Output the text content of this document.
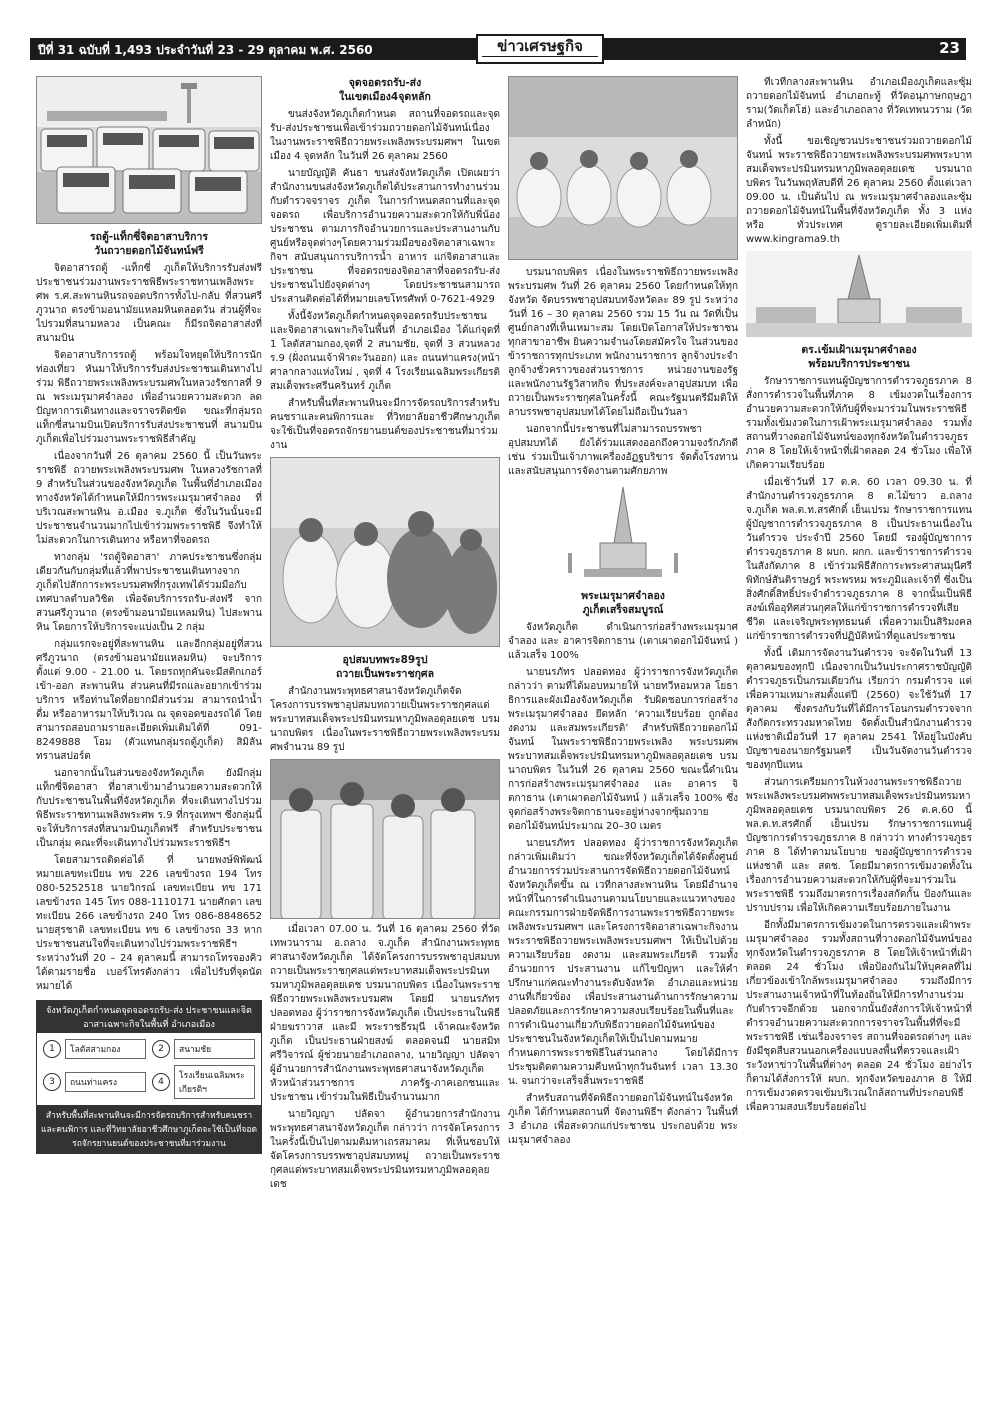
ปีที่ 31 ฉบับที่ 1,493 ประจำวันที่ 23 - 29 ตุลาคม พ.ศ. 2560	ข่าวเศรษฐกิจ	23
รถตู้-แท็กซี่จิตอาสาบริการ
วันถวายดอกไม้จันทน์ฟรี

จิตอาสารถตู้ -แท็กซี่ ภูเก็ตให้บริการรับส่งฟรี ประชาชนร่วมงานพระราชพิธีพระราชทานเพลิงพระศพ ร.ศ.สะพานหินรถจอดบริการทั้งไป-กลับ ที่สวนศรีภูวนาถ ตรงข้ามอนามัยแหลมหินตลอดวัน ส่วนผู้ที่จะไปรวมที่สนามหลวง เป็นคณะ ก็มีรถจิตอาสาส่งที่สนามบิน

จิตอาสาบริการรถตู้ พร้อมใจหยุดให้บริการนักท่องเที่ยว หันมาให้บริการรับส่งประชาชนเดินทางไปร่วม พิธีถวายพระเพลิงพระบรมศพในหลวงรัชกาลที่ 9 ณ พระเมรุมาศจำลอง เพื่ออำนวยความสะดวก ลดปัญหาการเดินทางและจราจรติดขัด ขณะที่กลุ่มรถแท็กซี่สนามบินเปิดบริการรับส่งประชาชนที่ สนามบินภูเก็ตเพื่อไปร่วมงานพระราชพิธีสำคัญ

เนื่องจากวันที่ 26 ตุลาคม 2560 นี้ เป็นวันพระราชพิธี ถวายพระเพลิงพระบรมศพ ในหลวงรัชกาลที่ 9 สำหรับในส่วนของจังหวัดภูเก็ต ในพื้นที่อำเภอเมือง ทางจังหวัดได้กำหนดให้มีการพระเมรุมาศจำลอง ที่บริเวณสะพานหิน อ.เมือง จ.ภูเก็ต ซึ่งในวันนั้นจะมีประชาชนจำนวนมากไปเข้าร่วมพระราชพิธี จึงทำให้ไม่สะดวกในการเดินทาง หรือหาที่จอดรถ

ทางกลุ่ม 'รถตู้จิตอาสา' ภาคประชาชนซึ่งกลุ่มเดียวกันกับกลุ่มที่แล้วที่พาประชาชนเดินทางจากภูเก็ตไปสักการะพระบรมศพที่กรุงเทพได้ร่วมมือกับเทศบาลตำบลวิชิต เพื่อจัดบริการรถรับ-ส่งฟรี จากสวนศรีภูวนาถ (ตรงข้ามอนามัยแหลมหิน) ไปสะพานหิน โดยการให้บริการจะแบ่งเป็น 2 กลุ่ม

กลุ่มแรกจะอยู่ที่สะพานหิน และอีกกลุ่มอยู่ที่สวนศรีภูวนาถ (ตรงข้ามอนามัยแหลมหิน) จะบริการตั้งแต่ 9.00 - 21.00 น. โดยรถทุกคันจะมีสติกเกอร์ เข้า-ออก สะพานหิน ส่วนคนที่มีรถและอยากเข้าร่วมบริการ หรือท่านใดที่อยากมีส่วนร่วม สามารถนำน้ำดื่ม หรืออาหารมาให้บริเวณ ณ จุดจอดของรถได้ โดยสามารถสอบถามรายละเอียดเพิ่มเติมได้ที่ 091-8249888 โอม (ตัวแทนกลุ่มรถตู้ภูเก็ต) สิมิลัน ทรานสปอร์ต

นอกจากนั้นในส่วนของจังหวัดภูเก็ต ยังมีกลุ่ม แท็กซี่จิตอาสา ที่อาสาเข้ามาอำนวยความสะดวกให้กับประชาชนในพื้นที่จังหวัดภูเก็ต ที่จะเดินทางไปร่วมพิธีพระราชทานเพลิงพระศพ ร.9 ที่กรุงเทพฯ ซึ่งกลุ่มนี้จะให้บริการส่งที่สนามบินภูเก็ตฟรี สำหรับประชาชนเป็นกลุ่ม คณะที่จะเดินทางไปร่วมพระราชพิธีฯ

โดยสามารถติดต่อได้ ที่ นายพงษ์พิพัฒน์ หมายเลขทะเบียน ทข 226 เลขข้างรถ 194 โทร 080-5252518 นายวิกรณ์ เลขทะเบียน ทข 171 เลขข้างรถ 145 โทร 088-1110171 นายศักดา เลขทะเบียน 266 เลขข้างรถ 240 โทร 086-8848652 นายสุรชาติ เลขทะเบียน ทข 6 เลขข้างรถ 33 หากประชาชนสนใจที่จะเดินทางไปร่วมพระราชพิธีฯ ระหว่างวันที่ 20 – 24 ตุลาคมนี้ สามารถโทรจองคิว ได้ตามรายชื่อ เบอร์โทรดังกล่าว เพื่อไปรับที่จุดนัดหมายได้

จังหวัดภูเก็ตกำหนดจุดจอดรถรับ-ส่ง ประชาชนและจิตอาสาเฉพาะกิจในพื้นที่ อำเภอเมือง
1	โลตัสสามกอง	2	สนามชัย
3	ถนนท่าแครง	4
โรงเรียนเฉลิมพระเกียรติฯ
สำหรับพื้นที่สะพานหินจะมีการจัดรถบริการสำหรับคนชราและคนพิการ และที่วิทยาลัยอาชีวศึกษาภูเก็ตจะใช้เป็นที่จอดรถจักรยานยนต์ของประชาชนที่มาร่วมงาน
จุดจอดรถรับ-ส่ง
ในเขตเมือง4จุดหลัก

ขนส่งจังหวัดภูเก็ตกำหนด สถานที่จอดรถและจุดรับ-ส่งประชาชนเพื่อเข้าร่วมถวายดอกไม้จันทน์เนื่องในงานพระราชพิธีถวายพระเพลิงพระบรมศพฯ ในเขตเมือง 4 จุดหลัก ในวันที่ 26 ตุลาคม 2560

นายบัญญัติ คันธา ขนส่งจังหวัดภูเก็ต เปิดเผยว่า สำนักงานขนส่งจังหวัดภูเก็ตได้ประสานการทำงานร่วมกับตำรวจจราจร ภูเก็ต ในการกำหนดสถานที่และจุดจอดรถ เพื่อบริการอำนวยความสะดวกให้กับพี่น้องประชาชน ตามภารกิจอำนวยการและประสานงานกับศูนย์หรือจุดต่างๆโดยความร่วมมือของจิตอาสาเฉพาะกิจฯ สนับสนุนการบริการน้ำ อาหาร แก่จิตอาสาและประชาชน ที่จอดรถของจิตอาสาที่จอดรถรับ-ส่งประชาชนไปยังจุดต่างๆ โดยประชาชนสามารถประสานติดต่อได้ที่หมายเลขโทรศัพท์ 0-7621-4929

ทั้งนี้จังหวัดภูเก็ตกำหนดจุดจอดรถรับประชาชนและจิตอาสาเฉพาะกิจในพื้นที่ อำเภอเมือง ได้แก่จุดที่ 1 โลตัสสามกอง,จุดที่ 2 สนามชัย, จุดที่ 3 สวนหลวง ร.9 (ฝั่งถนนเจ้าฟ้าตะวันออก) และ ถนนท่าแครง(หน้าศาลากลางแห่งใหม่ , จุดที่ 4 โรงเรียนเฉลิมพระเกียรติสมเด็จพระศรีนครินทร์ ภูเก็ต

สำหรับพื้นที่สะพานหินจะมีการจัดรถบริการสำหรับคนชราและคนพิการและ ที่วิทยาลัยอาชีวศึกษาภูเก็ตจะใช้เป็นที่จอดรถจักรยานยนต์ของประชาชนที่มาร่วมงาน

อุปสมบทพระ89รูป
ถวายเป็นพระราชกุศล

สำนักงานพระพุทธศาสนาจังหวัดภูเก็ตจัดโครงการบรรพชาอุปสมบทถวายเป็นพระราชกุศลแด่พระบาทสมเด็จพระปรมินทรมหาภูมิพลอดุลยเดช บรมนาถบพิตร เนื่องในพระราชพิธีถวายพระเพลิงพระบรมศพจำนวน 89 รูป

เมื่อเวลา 07.00 น. วันที่ 16 ตุลาคม 2560 ที่วัดเทพวนาราม อ.ถลาง จ.ภูเก็ต สำนักงานพระพุทธศาสนาจังหวัดภูเก็ต ได้จัดโครงการบรรพชาอุปสมบทถวายเป็นพระราชกุศลแด่พระบาทสมเด็จพระปรมินทรมหาภูมิพลอดุลยเดช บรมนาถบพิตร เนื่องในพระราชพิธีถวายพระเพลิงพระบรมศพ โดยมี นายนรภัทร ปลอดทอง ผู้ว่าราชการจังหวัดภูเก็ต เป็นประธานในพิธีฝ่ายฆราวาส และมี พระราชธีรมุนี เจ้าคณะจังหวัดภูเก็ต เป็นประธานฝ่ายสงฆ์ ตลอดจนมี นายสมิท ศรีวิจารณ์ ผู้ช่วยนายอำเภอถลาง, นายวิญญา ปลัดจา ผู้อำนวยการสำนักงานพระพุทธศาสนาจังหวัดภูเก็ต หัวหน้าส่วนราชการ ภาครัฐ-ภาคเอกชนและประชาชน เข้าร่วมในพิธีเป็นจำนวนมาก

นายวิญญา ปลัดจา ผู้อำนวยการสำนักงานพระพุทธศาสนาจังหวัดภูเก็ต กล่าวว่า การจัดโครงการในครั้งนี้เป็นไปตามมติมหาเถรสมาคม ที่เห็นชอบให้จัดโครงการบรรพชาอุปสมบทหมู่ ถวายเป็นพระราชกุศลแด่พระบาทสมเด็จพระปรมินทรมหาภูมิพลอดุลยเดช

บรมนาถบพิตร เนื่องในพระราชพิธีถวายพระเพลิงพระบรมศพ วันที่ 26 ตุลาคม 2560 โดยกำหนดให้ทุกจังหวัด จัดบรรพชาอุปสมบทจังหวัดละ 89 รูป ระหว่างวันที่ 16 – 30 ตุลาคม 2560 รวม 15 วัน ณ วัดที่เป็นศูนย์กลางที่เห็นเหมาะสม โดยเปิดโอกาสให้ประชาชนทุกสาขาอาชีพ ยินความจำนงโดยสมัครใจ ในส่วนของข้าราชการทุกประเภท พนักงานราชการ ลูกจ้างประจำ ลูกจ้างชั่วคราวของส่วนราชการ หน่วยงานของรัฐ และพนักงานรัฐวิสาหกิจ ที่ประสงค์จะลาอุปสมบท เพื่อถวายเป็นพระราชกุศลในครั้งนี้ คณะรัฐมนตรีมีมติให้ลาบรรพชาอุปสมบทได้โดยไม่ถือเป็นวันลา

นอกจากนี้ประชาชนที่ไม่สามารถบรรพชาอุปสมบทได้ ยังได้ร่วมแสดงออกถึงความจงรักภักดี เช่น ร่วมเป็นเจ้าภาพเครื่องอัฏฐบริขาร จัดตั้งโรงทาน และสนับสนุนการจัดงานตามศักยภาพ

พระเมรุมาศจำลอง
ภูเก็ตเสร็จสมบูรณ์

จังหวัดภูเก็ต ดำเนินการก่อสร้างพระเมรุมาศจำลอง และ อาคารจิตกาธาน (เตาเผาดอกไม้จันทน์ ) แล้วเสร็จ 100%

นายนรภัทร ปลอดทอง ผู้ว่าราชการจังหวัดภูเก็ต กล่าวว่า ตามที่ได้มอบหมายให้ นายทวีหอมหวล โยธาธิการและผังเมืองจังหวัดภูเก็ต รับผิดชอบการก่อสร้างพระเมรุมาศจำลอง ยึดหลัก ‘ความเรียบร้อย ถูกต้อง งดงาม และสมพระเกียรติ’ สำหรับพิธีถวายดอกไม้จันทน์ ในพระราชพิธีถวายพระเพลิง พระบรมศพ พระบาทสมเด็จพระปรมินทรมหาภูมิพลอดุลยเดช บรมนาถบพิตร ในวันที่ 26 ตุลาคม 2560 ขณะนี้ดำเนินการก่อสร้างพระเมรุมาศจำลอง และ อาคาร จิตกาธาน (เตาเผาดอกไม้จันทน์ ) แล้วเสร็จ 100% ซึ่งจุดก่อสร้างพระจิตกาธานจะอยู่ห่างจากซุ้มถวายดอกไม้จันทน์ประมาณ 20–30 เมตร

นายนรภัทร ปลอดทอง ผู้ว่าราชการจังหวัดภูเก็ต กล่าวเพิ่มเติมว่า ขณะที่จังหวัดภูเก็ตได้จัดตั้งศูนย์อำนวยการร่วมประสานการจัดพิธีถวายดอกไม้จันทน์จังหวัดภูเก็ตขึ้น ณ เวทีกลางสะพานหิน โดยมีอำนาจหน้าที่ในการดำเนินงานตามนโยบายและแนวทางของคณะกรรมการฝ่ายจัดพิธีการงานพระราชพิธีถวายพระเพลิงพระบรมศพฯ และโครงการจิตอาสาเฉพาะกิจงานพระราชพิธีถวายพระเพลิงพระบรมศพฯ ให้เป็นไปด้วยความเรียบร้อย งดงาม และสมพระเกียรติ รวมทั้งอำนวยการ ประสานงาน แก้ไขปัญหา และให้คำปรึกษาแก่คณะทำงานระดับจังหวัด อำเภอและหน่วยงานที่เกี่ยวข้อง เพื่อประสานงานด้านการรักษาความปลอดภัยและการรักษาความสงบเรียบร้อยในพื้นที่และการดำเนินงานเกี่ยวกับพิธีถวายดอกไม้จันทน์ของประชาชนในจังหวัดภูเก็ตให้เป็นไปตามหมายกำหนดการพระราชพิธีในส่วนกลาง โดยได้มีการประชุมติดตามความคืบหน้าทุกวันจันทร์ เวลา 13.30 น. จนกว่าจะเสร็จสิ้นพระราชพิธี

สำหรับสถานที่จัดพิธีถวายดอกไม้จันทน์ในจังหวัดภูเก็ต ได้กำหนดสถานที่ จัดงานพิธีฯ ดังกล่าว ในพื้นที่ 3 อำเภอ เพื่อสะดวกแก่ประชาชน ประกอบด้วย พระเมรุมาศจำลอง

ที่เวทีกลางสะพานหิน อำเภอเมืองภูเก็ตและซุ้มถวายดอกไม้จันทน์ อำเภอกะทู้ ที่วัดอนุภาษกฤษฎาราม(วัดเก็ตโฮ่) และอำเภอถลาง ที่วัดเทพนวราม (วัดลำหนัก)

ทั้งนี้ ขอเชิญชวนประชาชนร่วมถวายดอกไม้จันทน์ พระราชพิธีถวายพระเพลิงพระบรมศพพระบาทสมเด็จพระปรมินทรมหาภูมิพลอดุลยเดช บรมนาถบพิตร ในวันพฤหัสบดีที่ 26 ตุลาคม 2560 ตั้งแต่เวลา 09.00 น. เป็นต้นไป ณ พระเมรุมาศจำลองและซุ้มถวายดอกไม้จันทน์ในพื้นที่จังหวัดภูเก็ต ทั้ง 3 แห่ง หรือ ทั่วประเทศ ดูรายละเอียดเพิ่มเติมที่ www.kingrama9.th

ตร.เข้มเฝ้าเมรุมาศจำลอง
พร้อมบริการประชาชน

รักษาราชการแทนผู้บัญชาการตำรวจภูธรภาค 8 สั่งการตำรวจในพื้นที่ภาค 8 เข้มงวดในเรื่องการอำนวยความสะดวกให้กับผู้ที่จะมาร่วมในพระราชพิธี รวมทั้งเข้มงวดในการเฝ้าพระเมรุมาศจำลอง รวมทั้งสถานที่วางดอกไม้จันทน์ของทุกจังหวัดในตำรวจภูธรภาค 8 โดยให้เจ้าหน้าที่เฝ้าตลอด 24 ชั่วโมง เพื่อให้เกิดความเรียบร้อย

เมื่อเช้าวันที่ 17 ต.ค. 60 เวลา 09.30 น. ที่สำนักงานตำรวจภูธรภาค 8 ต.ไม้ขาว อ.ถลาง จ.ภูเก็ต พล.ต.ท.สรศักดิ์ เย็นเปรม รักษาราชการแทนผู้บัญชาการตำรวจภูธรภาค 8 เป็นประธานเนื่องในวันตำรวจ ประจำปี 2560 โดยมี รองผู้บัญชาการตำรวจภูธรภาค 8 ผบก. ผกก. และข้าราชการตำรวจในสังกัดภาค 8 เข้าร่วมพิธีสักการะพระศาสนมุนีศรีพิทักษ์สันติราษฎร์ พระพรหม พระภูมิและเจ้าที่ ซึ่งเป็นสิ่งศักดิ์สิทธิ์ประจำตำรวจภูธรภาค 8 จากนั้นเป็นพิธีสงฆ์เพื่ออุทิศส่วนกุศลให้แก่ข้าราชการตำรวจที่เสียชีวิต และเจริญพระพุทธมนต์ เพื่อความเป็นสิริมงคลแก่ข้าราชการตำรวจที่ปฏิบัติหน้าที่ดูแลประชาชน

ทั้งนี้ เดิมการจัดงานวันตำรวจ จะจัดในวันที่ 13 ตุลาคมของทุกปี เนื่องจากเป็นวันประกาศราชบัญญัติตำรวจภูธรเป็นกรมเดียวกัน เรียกว่า กรมตำรวจ แต่เพื่อความเหมาะสมตั้งแต่ปี (2560) จะใช้วันที่ 17 ตุลาคม ซึ่งตรงกับวันที่ได้มีการโอนกรมตำรวจจากสังกัดกระทรวงมหาดไทย จัดตั้งเป็นสำนักงานตำรวจแห่งชาติเมื่อวันที่ 17 ตุลาคม 2541 ให้อยู่ในบังคับบัญชาของนายกรัฐมนตรี เป็นวันจัดงานวันตำรวจของทุกปีแทน

ส่วนการเตรียมการในห้วงงานพระราชพิธีถวายพระเพลิงพระบรมศพพระบาทสมเด็จพระปรมินทรมหาภูมิพลอดุลยเดช บรมนาถบพิตร 26 ต.ค.60 นี้ พล.ต.ท.สรศักดิ์ เย็นเปรม รักษาราชการแทนผู้บัญชาการตำรวจภูธรภาค 8 กล่าวว่า ทางตำรวจภูธรภาค 8 ได้ทำตามนโยบาย ของผู้บัญชาการตำรวจแห่งชาติ และ สตช. โดยมีมาตรการเข้มงวดทั้งในเรื่องการอำนวยความสะดวกให้กับผู้ที่จะมาร่วมในพระราชพิธี รวมถึงมาตรการเรื่องสกัดกั้น ป้องกันและปราบปราม เพื่อให้เกิดความเรียบร้อยภายในงาน

อีกทั้งมีมาตรการเข้มงวดในการตรวจและเฝ้าพระเมรุมาศจำลอง รวมทั้งสถานที่วางดอกไม้จันทน์ของทุกจังหวัดในตำรวจภูธรภาค 8 โดยให้เจ้าหน้าที่เฝ้าตลอด 24 ชั่วโมง เพื่อป้องกันไม่ให้บุคคลที่ไม่เกี่ยวข้องเข้าใกล้พระเมรุมาศจำลอง รวมถึงมีการประสานงานเจ้าหน้าที่ในท้องถิ่นให้มีการทำงานร่วมกับตำรวจอีกด้วย นอกจากนั้นยังสั่งการให้เจ้าหน้าที่ตำรวจอำนวยความสะดวกการจราจรในพื้นที่ที่จะมีพระราชพิธี เช่นเรื่องจราจร สถานที่จอดรถต่างๆ และยังมีชุดสืบสวนนอกเครื่องแบบลงพื้นที่ตรวจและเฝ้าระวังหาข่าวในพื้นที่ต่างๆ ตลอด 24 ชั่วโมง อย่างไรก็ตามได้สั่งการให้ ผบก. ทุกจังหวัดของภาค 8 ให้มีการเข้มงวดตรวจเข้มบริเวณใกล้สถานที่ประกอบพิธีเพื่อความสงบเรียบร้อยต่อไป
